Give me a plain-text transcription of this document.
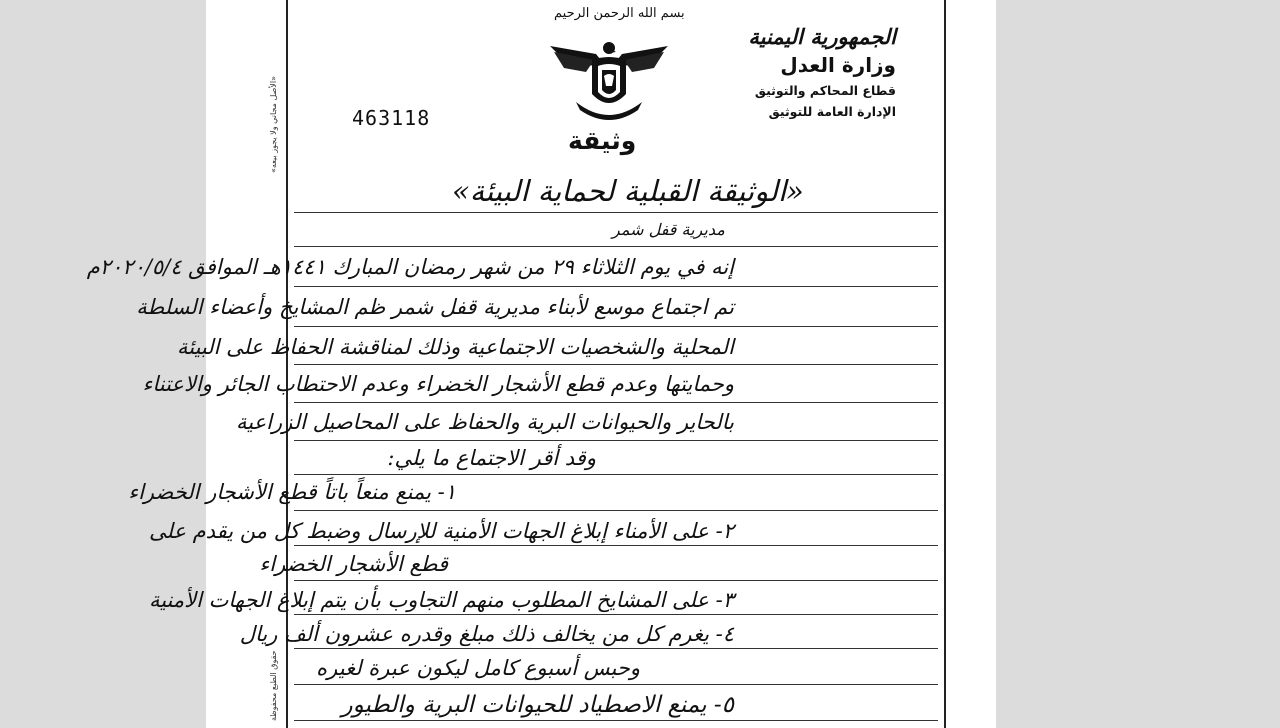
«الأصل مجاني ولا يجوز بيعه»
حقوق الطبع محفوظة
بسم الله الرحمن الرحيم
وثيقة
463118
الجمهورية اليمنية
وزارة العدل
قطاع المحاكم والتوثيق
الإدارة العامة للتوثيق
«الوثيقة القبلية لحماية البيئة»
مديرية قفل شمر
إنه في يوم الثلاثاء ٢٩ من شهر رمضان المبارك ١٤٤١هـ الموافق ٢٠٢٠/٥/٤م
تم اجتماع موسع لأبناء مديرية قفل شمر ظم المشايخ وأعضاء السلطة
المحلية والشخصيات الاجتماعية وذلك لمناقشة الحفاظ على البيئة
وحمايتها وعدم قطع الأشجار الخضراء وعدم الاحتطاب الجائر والاعتناء
بالحاير والحيوانات البرية والحفاظ على المحاصيل الزراعية
وقد أقر الاجتماع ما يلي:
١- يمنع منعاً باتاً قطع الأشجار الخضراء
٢- على الأمناء إبلاغ الجهات الأمنية للإرسال وضبط كل من يقدم على
قطع الأشجار الخضراء
٣- على المشايخ المطلوب منهم التجاوب بأن يتم إبلاغ الجهات الأمنية
٤- يغرم كل من يخالف ذلك مبلغ وقدره عشرون ألف ريال
وحبس أسبوع كامل ليكون عبرة لغيره
٥- يمنع الاصطياد للحيوانات البرية والطيور
